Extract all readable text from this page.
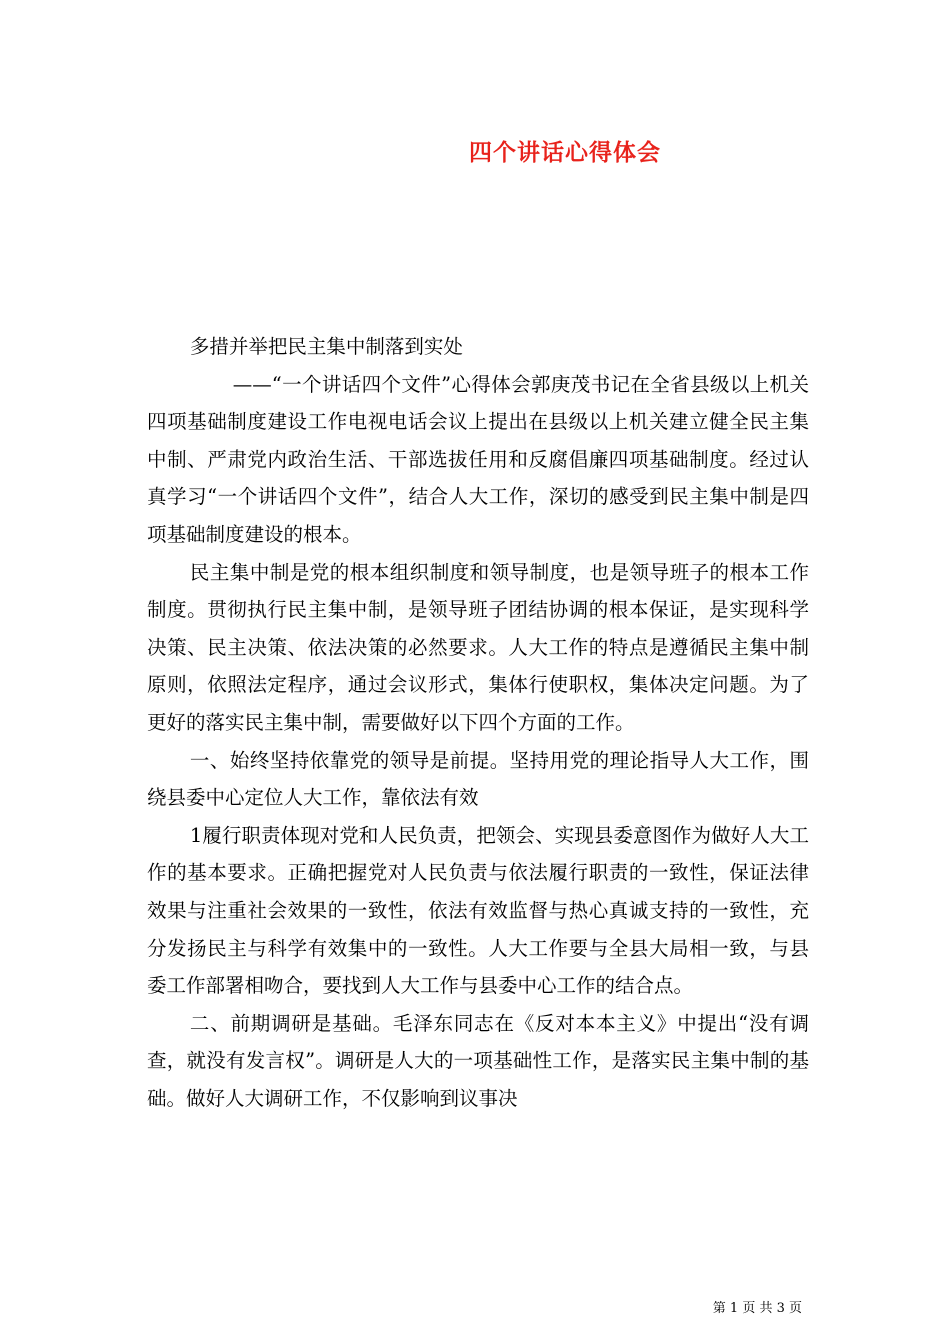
四个讲话心得体会

多措并举把民主集中制落到实处

——“一个讲话四个文件”心得体会郭庚茂书记在全省县级以上机关四项基础制度建设工作电视电话会议上提出在县级以上机关建立健全民主集中制、严肃党内政治生活、干部选拔任用和反腐倡廉四项基础制度。经过认真学习“一个讲话四个文件”，结合人大工作，深切的感受到民主集中制是四项基础制度建设的根本。

民主集中制是党的根本组织制度和领导制度，也是领导班子的根本工作制度。贯彻执行民主集中制，是领导班子团结协调的根本保证，是实现科学决策、民主决策、依法决策的必然要求。人大工作的特点是遵循民主集中制原则，依照法定程序，通过会议形式，集体行使职权，集体决定问题。为了更好的落实民主集中制，需要做好以下四个方面的工作。

一、始终坚持依靠党的领导是前提。坚持用党的理论指导人大工作，围绕县委中心定位人大工作，靠依法有效

1履行职责体现对党和人民负责，把领会、实现县委意图作为做好人大工作的基本要求。正确把握党对人民负责与依法履行职责的一致性，保证法律效果与注重社会效果的一致性，依法有效监督与热心真诚支持的一致性，充分发扬民主与科学有效集中的一致性。人大工作要与全县大局相一致，与县委工作部署相吻合，要找到人大工作与县委中心工作的结合点。

二、前期调研是基础。毛泽东同志在《反对本本主义》中提出“没有调查，就没有发言权”。调研是人大的一项基础性工作，是落实民主集中制的基础。做好人大调研工作，不仅影响到议事决

第 1 页 共 3 页
